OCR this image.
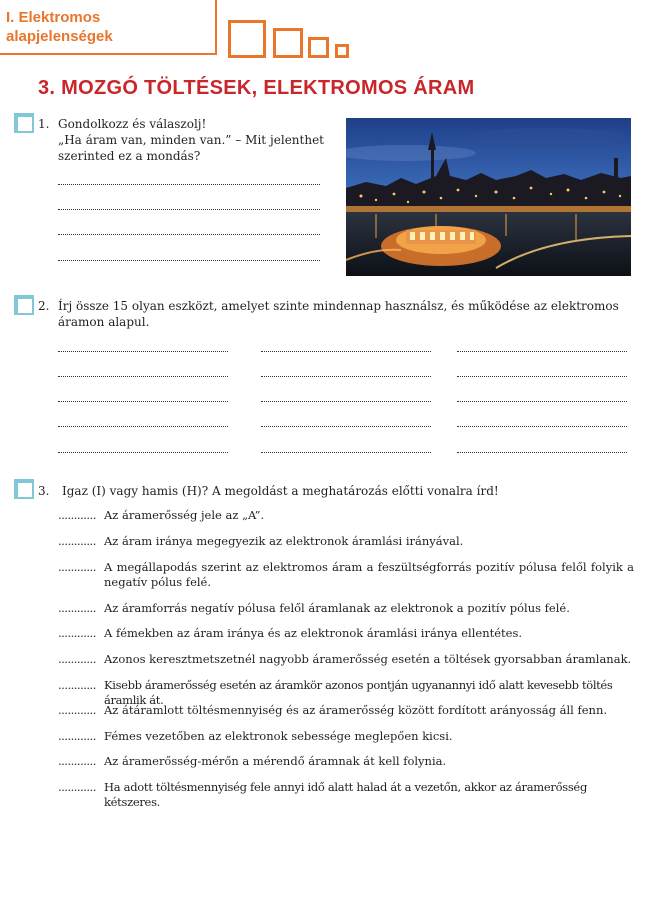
I. Elektromos
alapjelenségek
3. MOZGÓ TÖLTÉSEK, ELEKTROMOS ÁRAM
1. Gondolkozz és válaszolj!
„Ha áram van, minden van.” – Mit jelenthet
szerinted ez a mondás?
2. Írj össze 15 olyan eszközt, amelyet szinte mindennap használsz, és működése az elektromos áramon alapul.
3. Igaz (I) vagy hamis (H)? A megoldást a meghatározás előtti vonalra írd!
............ Az áramerősség jele az „A”.
............ Az áram iránya megegyezik az elektronok áramlási irányával.
............ A megállapodás szerint az elektromos áram a feszültségforrás pozitív pólusa felől folyik a negatív pólus felé.
............ Az áramforrás negatív pólusa felől áramlanak az elektronok a pozitív pólus felé.
............ A fémekben az áram iránya és az elektronok áramlási iránya ellentétes.
............ Azonos keresztmetszetnél nagyobb áramerősség esetén a töltések gyorsabban áramlanak.
............ Kisebb áramerősség esetén az áramkör azonos pontján ugyanannyi idő alatt kevesebb töltés áramlik át.
............ Az átáramlott töltésmennyiség és az áramerősség között fordított arányosság áll fenn.
............ Fémes vezetőben az elektronok sebessége meglepően kicsi.
............ Az áramerősség-mérőn a mérendő áramnak át kell folynia.
............ Ha adott töltésmennyiség fele annyi idő alatt halad át a vezetőn, akkor az áramerősség kétszeres.
